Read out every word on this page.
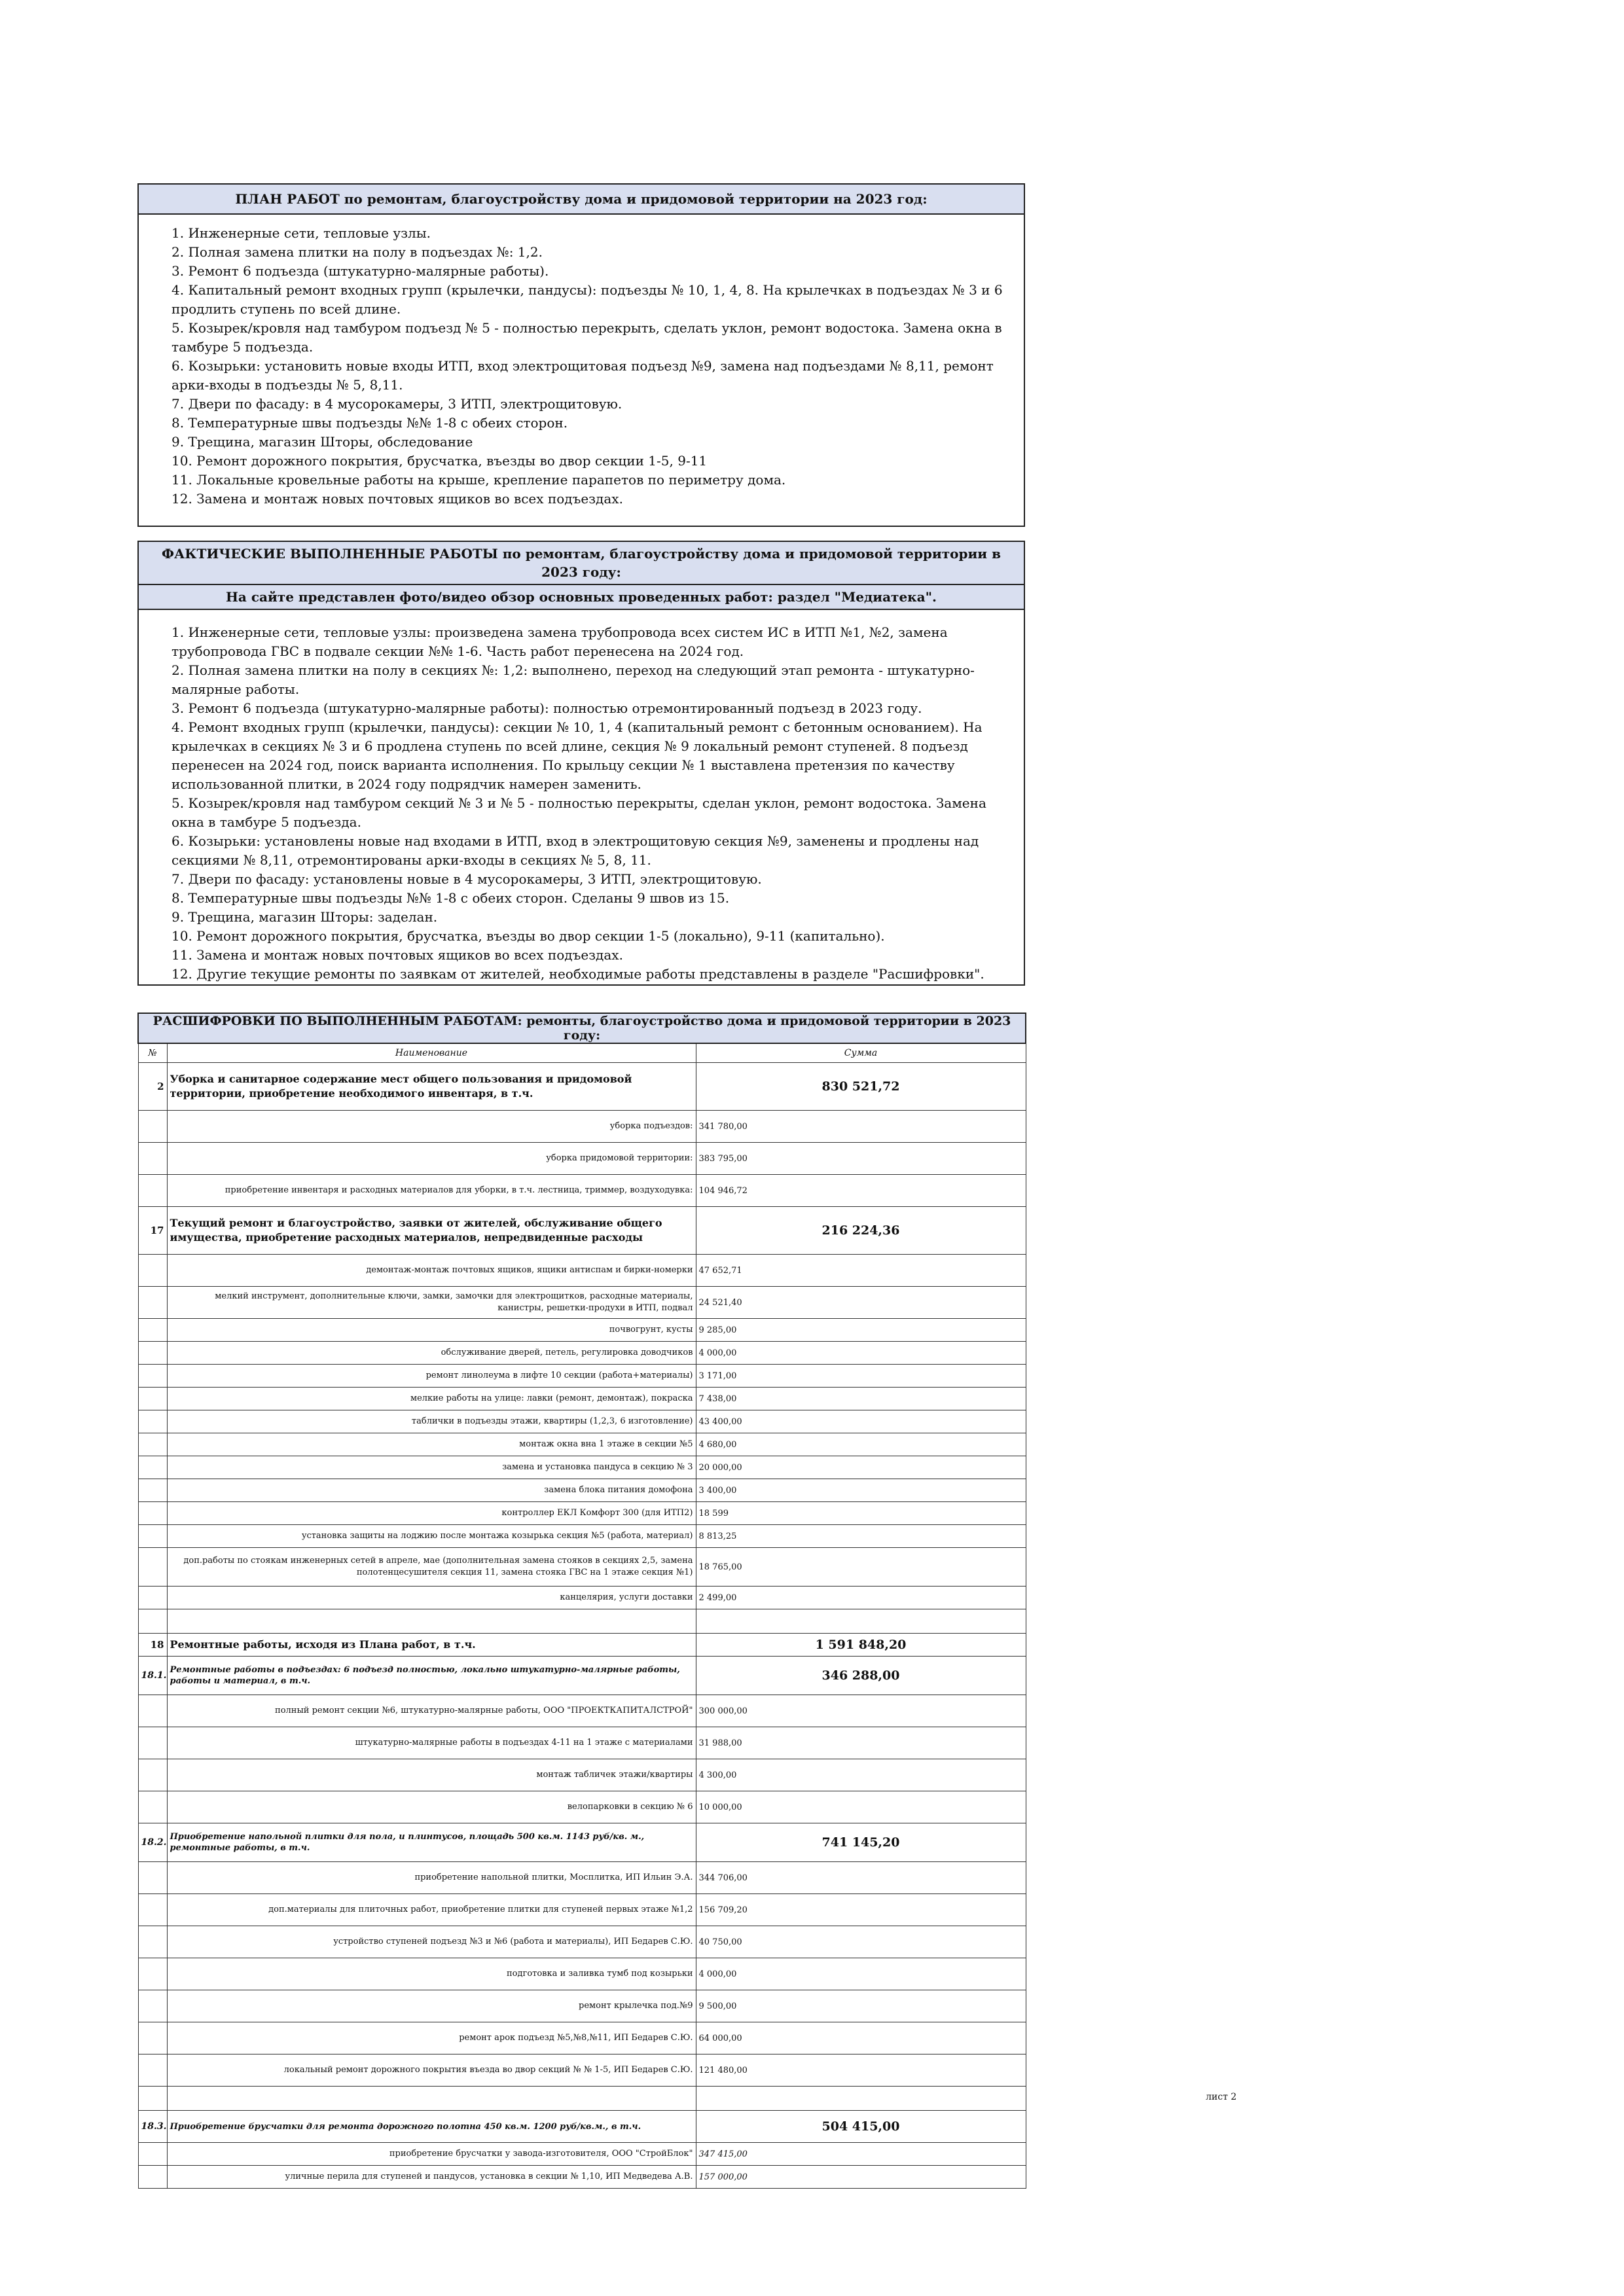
ПЛАН РАБОТ по ремонтам, благоустройству дома и придомовой территории на 2023 год:
1. Инженерные сети, тепловые узлы.
2. Полная замена плитки на полу в подъездах №: 1,2.
3. Ремонт 6 подъезда (штукатурно-малярные работы).
4. Капитальный ремонт входных групп (крылечки, пандусы): подъезды № 10, 1, 4, 8. На крылечках в подъездах № 3 и 6 продлить ступень по всей длине.
5. Козырек/кровля над тамбуром подъезд № 5 - полностью перекрыть, сделать уклон, ремонт водостока. Замена окна в тамбуре 5 подъезда.
6. Козырьки: установить новые входы ИТП, вход электрощитовая подъезд №9, замена над подъездами № 8,11, ремонт арки-входы в подъезды № 5, 8,11.
7. Двери по фасаду: в 4 мусорокамеры, 3 ИТП, электрощитовую.
8. Температурные швы подъезды №№ 1-8 с обеих сторон.
9. Трещина, магазин Шторы, обследование
10. Ремонт дорожного покрытия, брусчатка, въезды во двор секции 1-5, 9-11
11. Локальные кровельные работы на крыше, крепление парапетов по периметру дома.
12. Замена и монтаж новых почтовых ящиков во всех подъездах.
ФАКТИЧЕСКИЕ ВЫПОЛНЕННЫЕ РАБОТЫ по ремонтам, благоустройству дома и придомовой территории в 2023 году:
На сайте представлен фото/видео обзор основных проведенных работ: раздел "Медиатека".
1. Инженерные сети, тепловые узлы: произведена замена трубопровода всех систем ИС в ИТП №1, №2, замена трубопровода ГВС в подвале секции №№ 1-6. Часть работ перенесена на 2024 год.
2. Полная замена плитки на полу в секциях №: 1,2: выполнено, переход на следующий этап ремонта - штукатурно-малярные работы.
3. Ремонт 6 подъезда (штукатурно-малярные работы): полностью отремонтированный подъезд в 2023 году.
4. Ремонт входных групп (крылечки, пандусы): секции № 10, 1, 4 (капитальный ремонт с бетонным основанием). На крылечках в секциях № 3 и 6 продлена ступень по всей длине, секция № 9 локальный ремонт ступеней. 8 подъезд перенесен на 2024 год, поиск варианта исполнения. По крыльцу секции № 1 выставлена претензия по качеству использованной плитки, в 2024 году подрядчик намерен заменить.
5. Козырек/кровля над тамбуром секций № 3 и № 5 - полностью перекрыты, сделан уклон, ремонт водостока. Замена окна в тамбуре 5 подъезда.
6. Козырьки: установлены новые над входами в ИТП, вход в электрощитовую секция №9, заменены и продлены над секциями № 8,11, отремонтированы арки-входы в секциях № 5, 8, 11.
7. Двери по фасаду: установлены новые в 4 мусорокамеры, 3 ИТП, электрощитовую.
8. Температурные швы подъезды №№ 1-8 с обеих сторон. Сделаны 9 швов из 15.
9. Трещина, магазин Шторы: заделан.
10. Ремонт дорожного покрытия, брусчатка, въезды во двор секции 1-5 (локально), 9-11 (капитально).
11. Замена и монтаж новых почтовых ящиков во всех подъездах.
12. Другие текущие ремонты по заявкам от жителей, необходимые работы представлены в разделе "Расшифровки".
РАСШИФРОВКИ ПО ВЫПОЛНЕННЫМ РАБОТАМ: ремонты, благоустройство дома и придомовой территории в 2023 году:		
№	Наименование	Сумма
2	Уборка и санитарное содержание мест общего пользования и придомовой территории, приобретение необходимого инвентаря, в т.ч.	830 521,72
	уборка подъездов:	341 780,00
	уборка придомовой территории:	383 795,00
	приобретение инвентаря и расходных материалов для уборки, в т.ч. лестница, триммер, воздуходувка:	104 946,72
17	Текущий ремонт и благоустройство, заявки от жителей, обслуживание общего имущества, приобретение расходных материалов, непредвиденные расходы	216 224,36
	демонтаж-монтаж почтовых ящиков, ящики антиспам и бирки-номерки	47 652,71
	мелкий инструмент, дополнительные ключи, замки, замочки для электрощитков, расходные материалы, канистры, решетки-продухи в ИТП, подвал	24 521,40
	почвогрунт, кусты	9 285,00
	обслуживание дверей, петель, регулировка доводчиков	4 000,00
	ремонт линолеума в лифте 10 секции (работа+материалы)	3 171,00
	мелкие работы на улице: лавки (ремонт, демонтаж), покраска	7 438,00
	таблички в подъезды этажи, квартиры (1,2,3, 6 изготовление)	43 400,00
	монтаж окна вна 1 этаже в секции №5	4 680,00
	замена и установка пандуса в секцию № 3	20 000,00
	замена блока питания домофона	3 400,00
	контроллер ЕКЛ Комфорт 300 (для ИТП2)	18 599
	установка защиты на лоджию после монтажа козырька секция №5 (работа, материал)	8 813,25
	доп.работы по стоякам инженерных сетей в апреле, мае (дополнительная замена стояков в секциях 2,5, замена полотенцесушителя секция 11, замена стояка ГВС на 1 этаже секция №1)	18 765,00
	канцелярия, услуги доставки	2 499,00

18	Ремонтные работы, исходя из Плана работ, в т.ч.	1 591 848,20
18.1.	Ремонтные работы в подъездах: 6 подъезд полностью, локально штукатурно-малярные работы, работы и материал, в т.ч.	346 288,00
	полный ремонт секции №6, штукатурно-малярные работы, ООО "ПРОЕКТКАПИТАЛСТРОЙ"	300 000,00
	штукатурно-малярные работы в подъездах 4-11 на 1 этаже с материалами	31 988,00
	монтаж табличек этажи/квартиры	4 300,00
	велопарковки в секцию № 6	10 000,00
18.2.	Приобретение напольной плитки для пола, и плинтусов, площадь 500 кв.м. 1143 руб/кв. м., ремонтные работы, в т.ч.	741 145,20
	приобретение напольной плитки, Мосплитка, ИП Ильин Э.А.	344 706,00
	доп.материалы для плиточных работ, приобретение плитки для ступеней первых этаже №1,2	156 709,20
	устройство ступеней подъезд №3 и №6 (работа и материалы), ИП Бедарев С.Ю.	40 750,00
	подготовка и заливка тумб под козырьки	4 000,00
	ремонт крылечка под.№9	9 500,00
	ремонт арок подъезд №5,№8,№11, ИП Бедарев С.Ю.	64 000,00
	локальный ремонт дорожного покрытия въезда во двор секций № № 1-5, ИП Бедарев С.Ю.	121 480,00

18.3.	Приобретение брусчатки для ремонта дорожного полотна 450 кв.м. 1200 руб/кв.м., в т.ч.	504 415,00
	приобретение брусчатки у завода-изготовителя, ООО "СтройБлок"	347 415,00
	уличные перила для ступеней и пандусов, установка в секции № 1,10, ИП Медведева А.В.	157 000,00
лист 2
